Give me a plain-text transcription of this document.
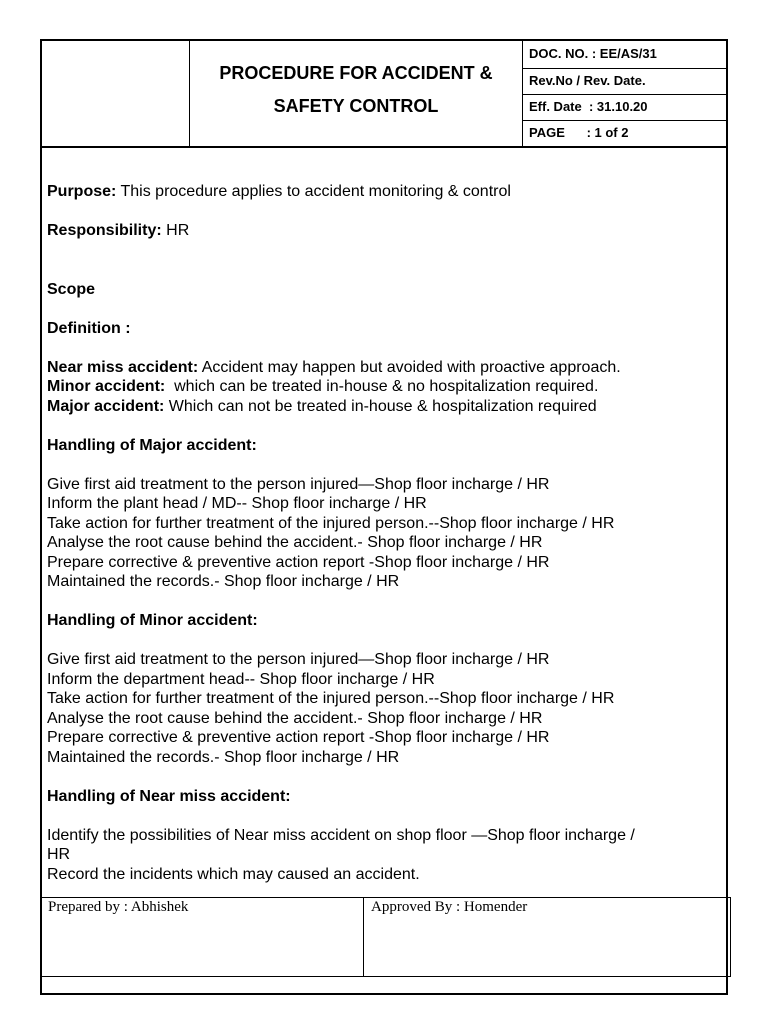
PROCEDURE FOR ACCIDENT &
SAFETY CONTROL
DOC. NO. : EE/AS/31
Rev.No / Rev. Date.
Eff. Date : 31.10.20
PAGE : 1 of 2
`

Purpose: This procedure applies to accident monitoring & control

Responsibility: HR

Scope

Definition :

Near miss accident: Accident may happen but avoided with proactive approach.

Minor accident:  which can be treated in-house & no hospitalization required.

Major accident: Which can not be treated in-house & hospitalization required

Handling of Major accident:

Give first aid treatment to the person injured—Shop floor incharge / HR

Inform the plant head / MD-- Shop floor incharge / HR

Take action for further treatment of the injured person.--Shop floor incharge / HR

Analyse the root cause behind the accident.- Shop floor incharge / HR

Prepare corrective & preventive action report -Shop floor incharge / HR

Maintained the records.- Shop floor incharge / HR

Handling of Minor accident:

Give first aid treatment to the person injured—Shop floor incharge / HR

Inform the department head-- Shop floor incharge / HR

Take action for further treatment of the injured person.--Shop floor incharge / HR

Analyse the root cause behind the accident.- Shop floor incharge / HR

Prepare corrective & preventive action report -Shop floor incharge / HR

Maintained the records.- Shop floor incharge / HR

Handling of Near miss accident:

Identify the possibilities of Near miss accident on shop floor —Shop floor incharge /

HR

Record the incidents which may caused an accident.

Prepared by : Abhishek	Approved By : Homender
